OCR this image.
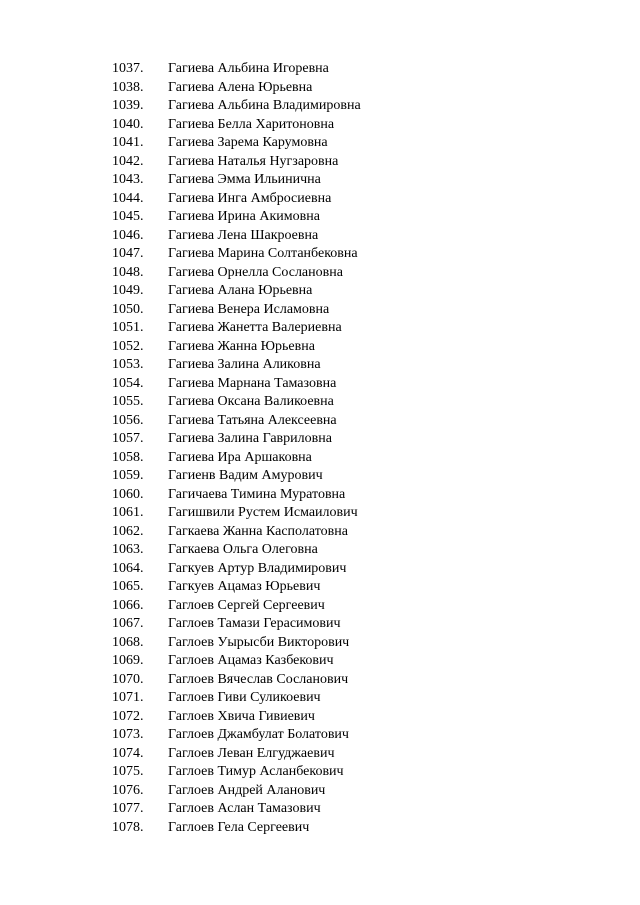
1037.	Гагиева Альбина Игоревна
1038.	Гагиева Алена Юрьевна
1039.	Гагиева Альбина Владимировна
1040.	Гагиева Белла Харитоновна
1041.	Гагиева Зарема Карумовна
1042.	Гагиева Наталья Нугзаровна
1043.	Гагиева Эмма Ильинична
1044.	Гагиева Инга Амбросиевна
1045.	Гагиева Ирина Акимовна
1046.	Гагиева Лена Шакроевна
1047.	Гагиева Марина Солтанбековна
1048.	Гагиева Орнелла Сослановна
1049.	Гагиева Алана Юрьевна
1050.	Гагиева Венера Исламовна
1051.	Гагиева Жанетта Валериевна
1052.	Гагиева Жанна Юрьевна
1053.	Гагиева Залина Аликовна
1054.	Гагиева Марнана Тамазовна
1055.	Гагиева Оксана Валикоевна
1056.	Гагиева Татьяна Алексеевна
1057.	Гагиева Залина Гавриловна
1058.	Гагиева Ира Аршаковна
1059.	Гагиенв Вадим Амурович
1060.	Гагичаева Тимина Муратовна
1061.	Гагишвили Рустем Исмаилович
1062.	Гагкаева Жанна Касполатовна
1063.	Гагкаева Ольга Олеговна
1064.	Гагкуев Артур Владимирович
1065.	Гагкуев Ацамаз Юрьевич
1066.	Гаглоев Сергей Сергеевич
1067.	Гаглоев Тамази Герасимович
1068.	Гаглоев Уырысби Викторович
1069.	Гаглоев Ацамаз Казбекович
1070.	Гаглоев Вячеслав Сосланович
1071.	Гаглоев Гиви Суликоевич
1072.	Гаглоев Хвича Гивиевич
1073.	Гаглоев Джамбулат Болатович
1074.	Гаглоев Леван Елгуджаевич
1075.	Гаглоев Тимур Асланбекович
1076.	Гаглоев Андрей Аланович
1077.	Гаглоев Аслан Тамазович
1078.	Гаглоев Гела Сергеевич
